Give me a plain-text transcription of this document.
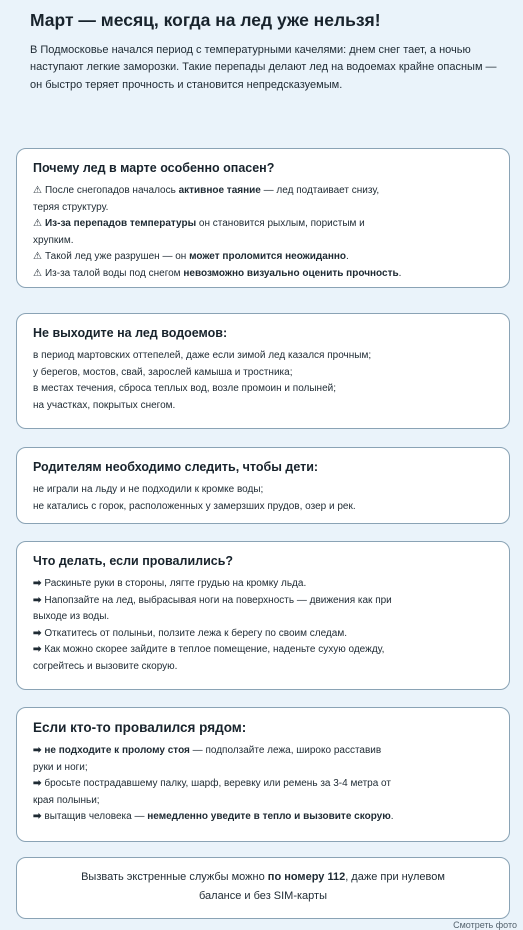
Март — месяц, когда на лед уже нельзя!

В Подмосковье начался период с температурными качелями: днем снег тает, а ночью наступают легкие заморозки. Такие перепады делают лед на водоемах крайне опасным — он быстро теряет прочность и становится непредсказуемым.

Почему лед в марте особенно опасен?

⚠ После снегопадов началось активное таяние — лед подтаивает снизу,

теряя структуру.

⚠ Из-за перепадов температуры он становится рыхлым, пористым и

хрупким.

⚠ Такой лед уже разрушен — он может проломится неожиданно.

⚠ Из-за талой воды под снегом невозможно визуально оценить прочность.

Не выходите на лед водоемов:

в период мартовских оттепелей, даже если зимой лед казался прочным;

у берегов, мостов, свай, зарослей камыша и тростника;

в местах течения, сброса теплых вод, возле промоин и полыней;

на участках, покрытых снегом.

Родителям необходимо следить, чтобы дети:

не играли на льду и не подходили к кромке воды;

не катались с горок, расположенных у замерзших прудов, озер и рек.

Что делать, если провалились?

➡ Раскиньте руки в стороны, лягте грудью на кромку льда.

➡ Напопзайте на лед, выбрасывая ноги на поверхность — движения как при

выходе из воды.

➡ Откатитесь от полыньи, ползите лежа к берегу по своим следам.

➡ Как можно скорее зайдите в теплое помещение, наденьте сухую одежду,

согрейтесь и вызовите скорую.

Если кто-то провалился рядом:

➡ не подходите к пролому стоя — подползайте лежа, широко расставив

руки и ноги;

➡ бросьте пострадавшему палку, шарф, веревку или ремень за 3-4 метра от

края полыньи;

➡ вытащив человека — немедленно уведите в тепло и вызовите скорую.

Вызвать экстренные службы можно по номеру 112, даже при нулевом
балансе и без SIM-карты
Смотреть фото
